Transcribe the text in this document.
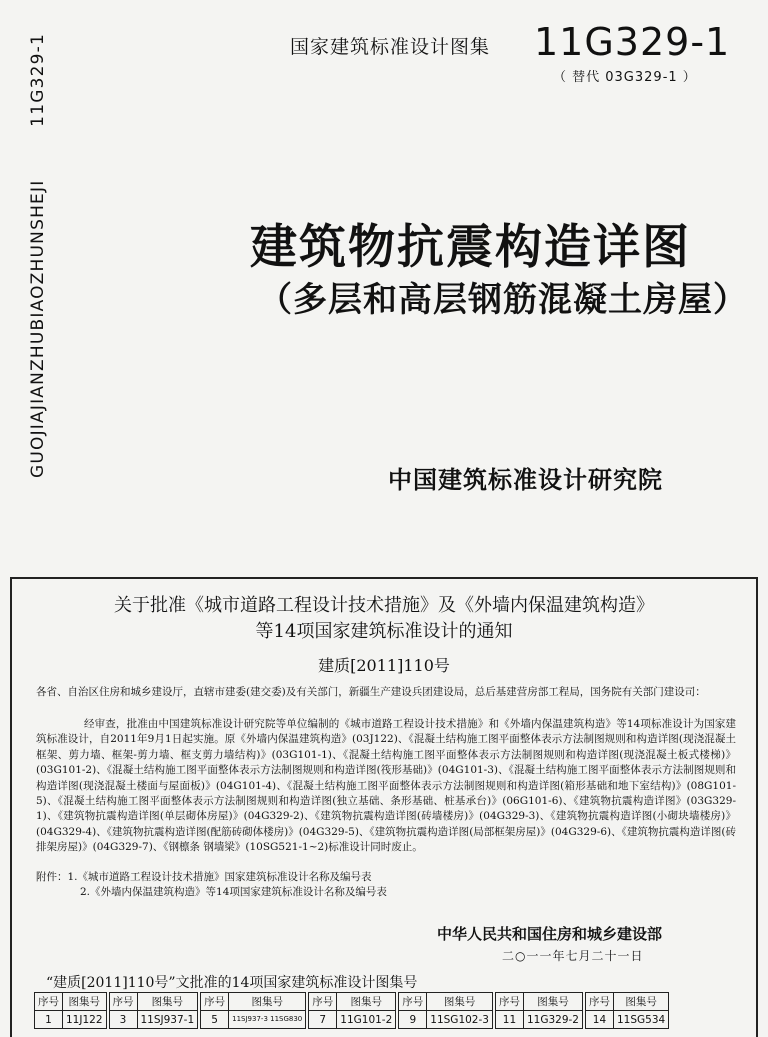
国家建筑标准设计图集 11G329-1
（ 替代 03G329-1 ）
GUOJIAJIANZHUBIAOZHUNSHEJI
11G329-1
建筑物抗震构造详图
（多层和高层钢筋混凝土房屋）
中国建筑标准设计研究院
关于批准《城市道路工程设计技术措施》及《外墙内保温建筑构造》
等14项国家建筑标准设计的通知
建质[2011]110号
各省、自治区住房和城乡建设厅，直辖市建委(建交委)及有关部门，新疆生产建设兵团建设局，总后基建营房部工程局，国务院有关部门建设司：
经审查，批准由中国建筑标准设计研究院等单位编制的《城市道路工程设计技术措施》和《外墙内保温建筑构造》等14项标准设计为国家建筑标准设计，自2011年9月1日起实施。原《外墙内保温建筑构造》(03J122)、《混凝土结构施工图平面整体表示方法制图规则和构造详图(现浇混凝土框架、剪力墙、框架-剪力墙、框支剪力墙结构)》(03G101-1)、《混凝土结构施工图平面整体表示方法制图规则和构造详图(现浇混凝土板式楼梯)》(03G101-2)、《混凝土结构施工图平面整体表示方法制图规则和构造详图(筏形基础)》(04G101-3)、《混凝土结构施工图平面整体表示方法制图规则和构造详图(现浇混凝土楼面与屋面板)》(04G101-4)、《混凝土结构施工图平面整体表示方法制图规则和构造详图(箱形基础和地下室结构)》(08G101-5)、《混凝土结构施工图平面整体表示方法制图规则和构造详图(独立基础、条形基础、桩基承台)》(06G101-6)、《建筑物抗震构造详图》(03G329-1)、《建筑物抗震构造详图(单层砌体房屋)》(04G329-2)、《建筑物抗震构造详图(砖墙楼房)》(04G329-3)、《建筑物抗震构造详图(小砌块墙楼房)》(04G329-4)、《建筑物抗震构造详图(配筋砖砌体楼房)》(04G329-5)、《建筑物抗震构造详图(局部框架房屋)》(04G329-6)、《建筑物抗震构造详图(砖排架房屋)》(04G329-7)、《钢檩条 钢墙梁》(10SG521-1~2)标准设计同时废止。
附件：1.《城市道路工程设计技术措施》国家建筑标准设计名称及编号表
2.《外墙内保温建筑构造》等14项国家建筑标准设计名称及编号表
中华人民共和国住房和城乡建设部
二○一一年七月二十一日
“建质[2011]110号”文批准的14项国家建筑标准设计图集号
序号	图集号		序号	图集号		序号	图集号		序号	图集号		序号	图集号		序号	图集号		序号	图集号
1	11J122		3	11SJ937-1		5	11SJ937-3 11SG830		7	11G101-2		9	11SG102-3		11	11G329-2		14	11SG534
